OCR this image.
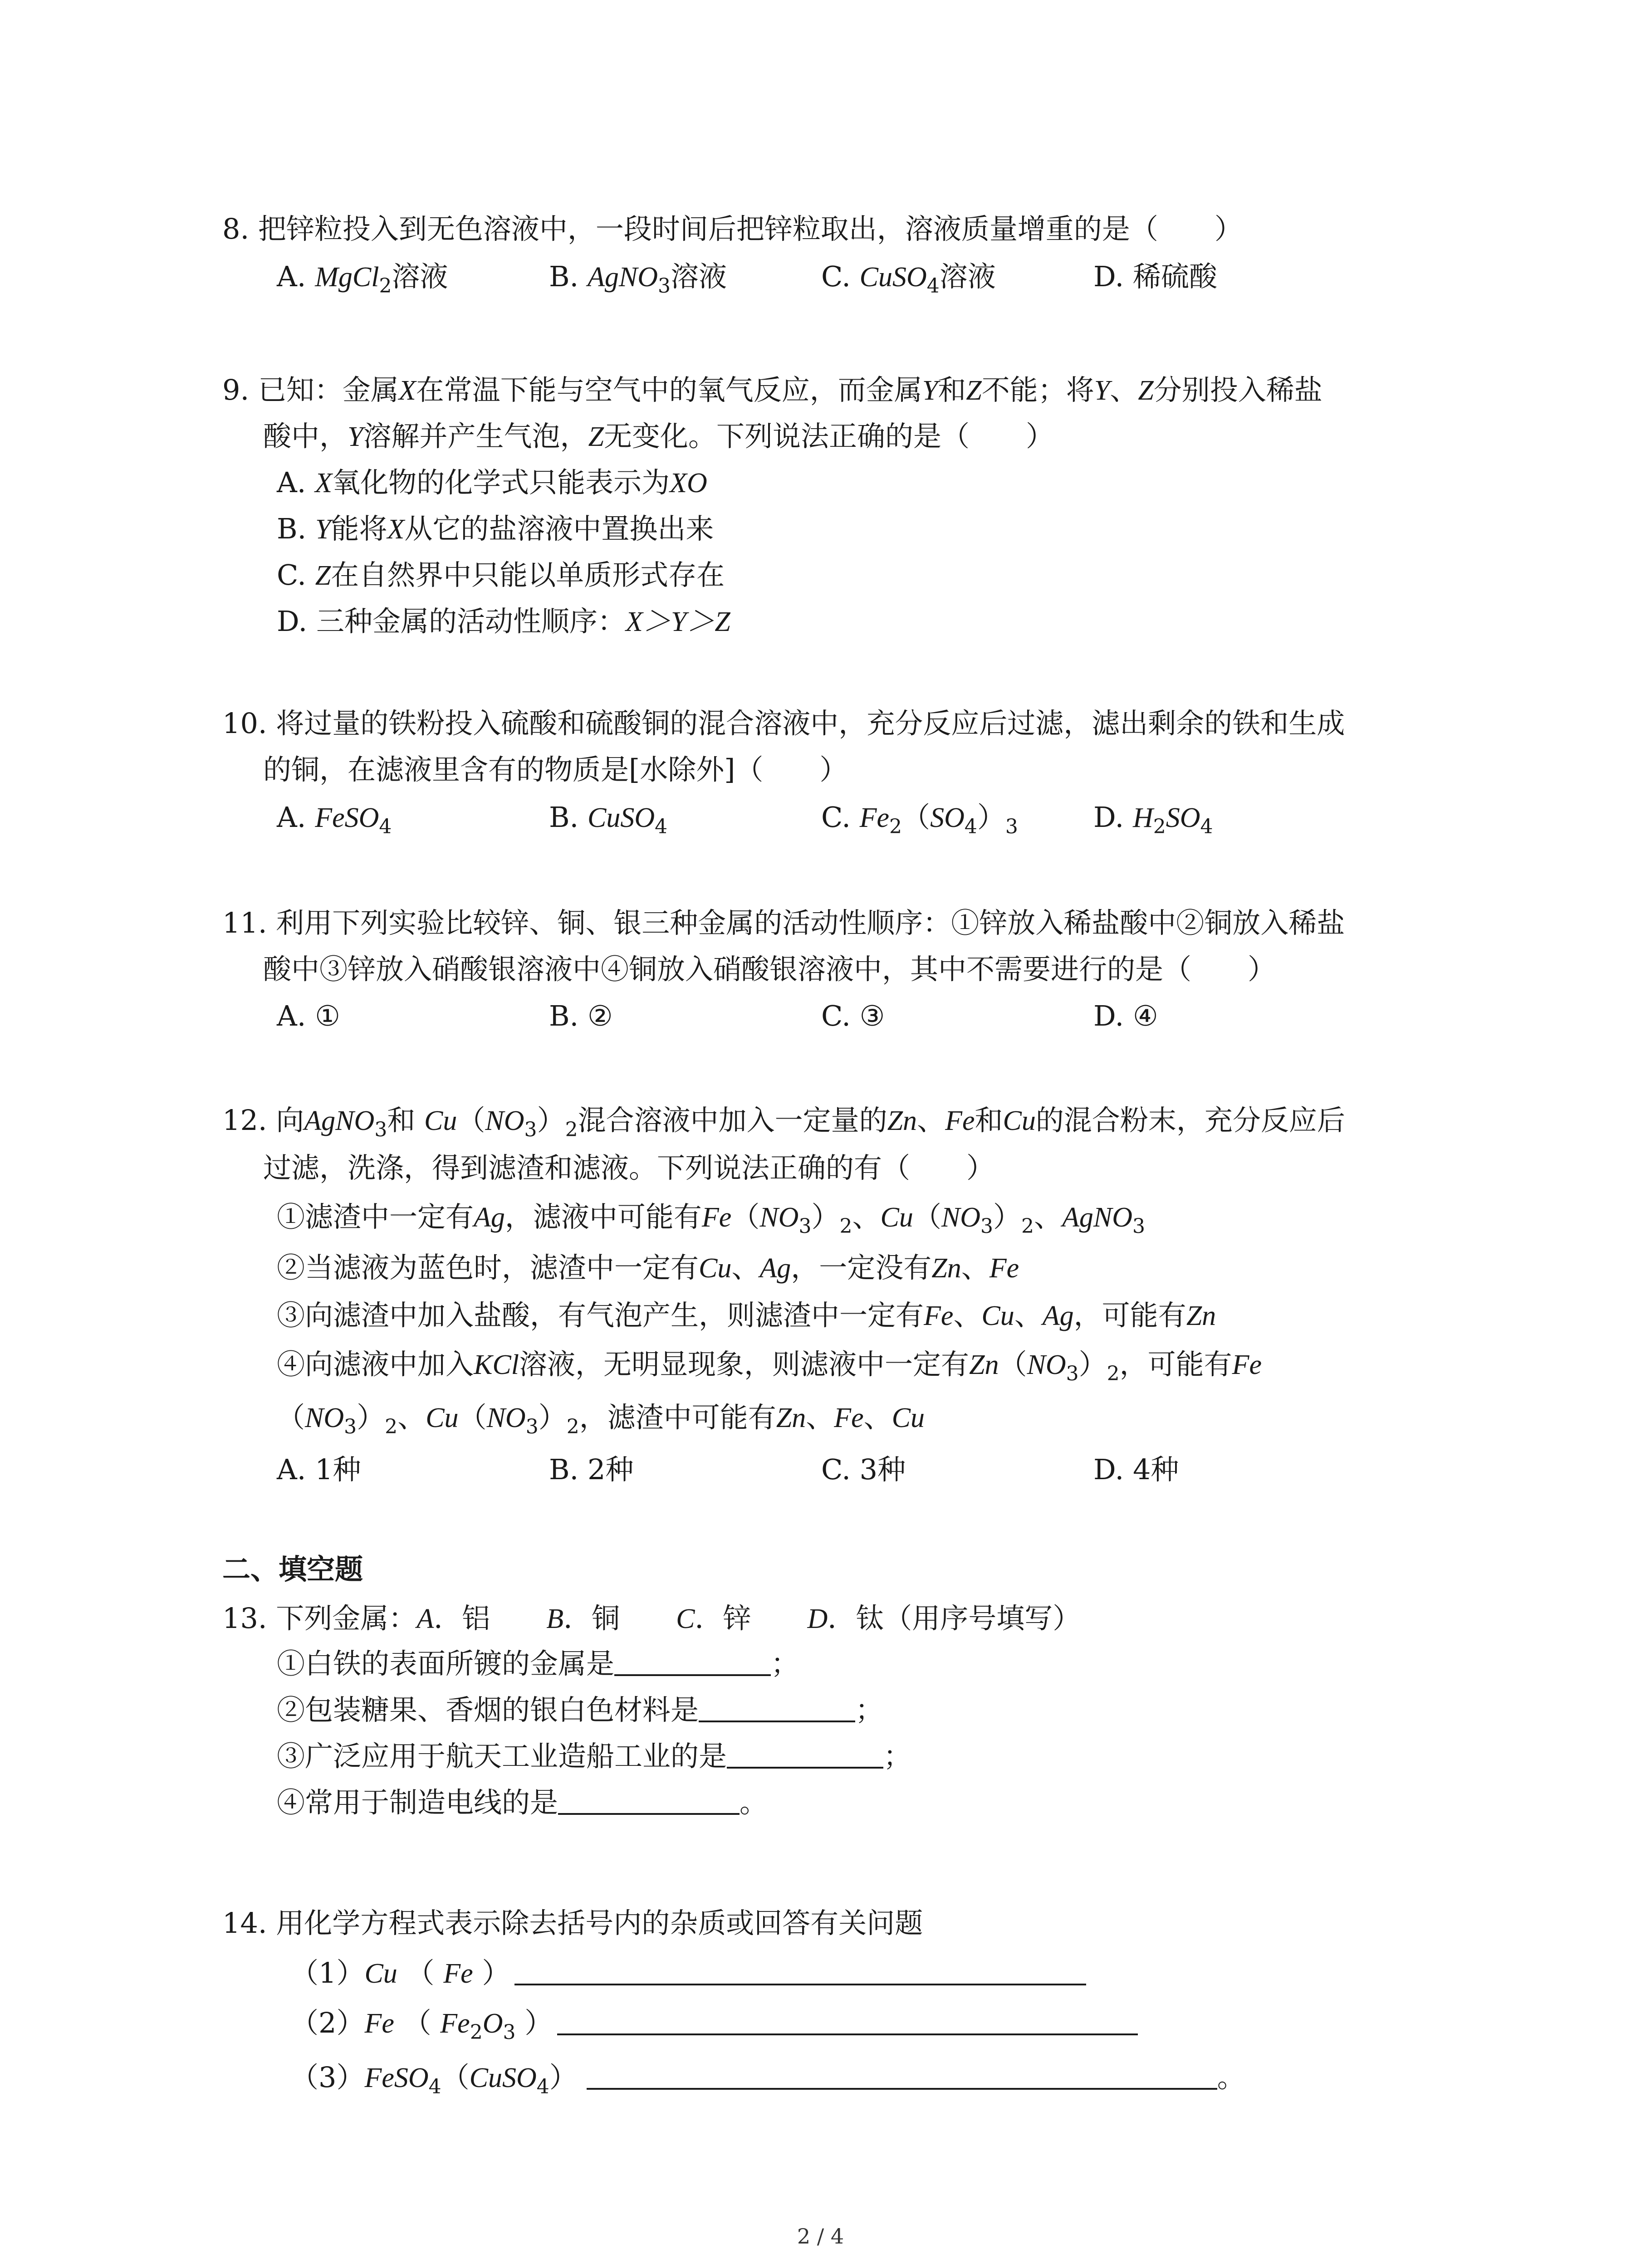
8. 把锌粒投入到无色溶液中，一段时间后把锌粒取出，溶液质量增重的是（　　）
A. MgCl$_2$溶液	B. AgNO$_3$溶液	C. CuSO$_4$溶液	D. 稀硫酸
9. 已知：金属X在常温下能与空气中的氧气反应，而金属Y和Z不能；将Y、Z分别投入稀盐
酸中，Y溶解并产生气泡，Z无变化。下列说法正确的是（　　）
A. X氧化物的化学式只能表示为XO
B. Y能将X从它的盐溶液中置换出来
C. Z在自然界中只能以单质形式存在
D. 三种金属的活动性顺序：X＞Y＞Z
10. 将过量的铁粉投入硫酸和硫酸铜的混合溶液中，充分反应后过滤，滤出剩余的铁和生成
的铜，在滤液里含有的物质是[水除外]（　　）
A. FeSO$_4$	B. CuSO$_4$	C. $Fe_2(SO_4)_3$	D. $H_2SO_4$
11. 利用下列实验比较锌、铜、银三种金属的活动性顺序：①锌放入稀盐酸中②铜放入稀盐
酸中③锌放入硝酸银溶液中④铜放入硝酸银溶液中，其中不需要进行的是（　　）
A. ①	B. ②	C. ③	D. ④
12. 向AgNO$_3$和 $Cu(NO_3)_2$混合溶液中加入一定量的Zn、Fe和Cu的混合粉末，充分反应后
过滤，洗涤，得到滤渣和滤液。下列说法正确的有（　　）
①滤渣中一定有Ag，滤液中可能有$Fe(NO_3)_2$、$Cu(NO_3)_2$、AgNO$_3$
②当滤液为蓝色时，滤渣中一定有Cu、Ag，一定没有Zn、Fe
③向滤渣中加入盐酸，有气泡产生，则滤渣中一定有Fe、Cu、Ag，可能有Zn
④向滤液中加入KCl溶液，无明显现象，则滤液中一定有$Zn(NO_3)_2$，可能有Fe
$(NO_3)_2$、$Cu(NO_3)_2$，滤渣中可能有Zn、Fe、Cu
A. 1种	B. 2种	C. 3种	D. 4种
二、填空题
13. 下列金属：A．铝　　B．铜　　C．锌　　D．钛（用序号填写）
①白铁的表面所镀的金属是	；
②包装糖果、香烟的银白色材料是	；
③广泛应用于航天工业造船工业的是	；
④常用于制造电线的是	。
14. 用化学方程式表示除去括号内的杂质或回答有关问题
（1）Cu （ Fe ）
（2）Fe （ $Fe_2O_3$ ）
（3）FeSO$_4$（CuSO$_4$）	。
2 / 4
